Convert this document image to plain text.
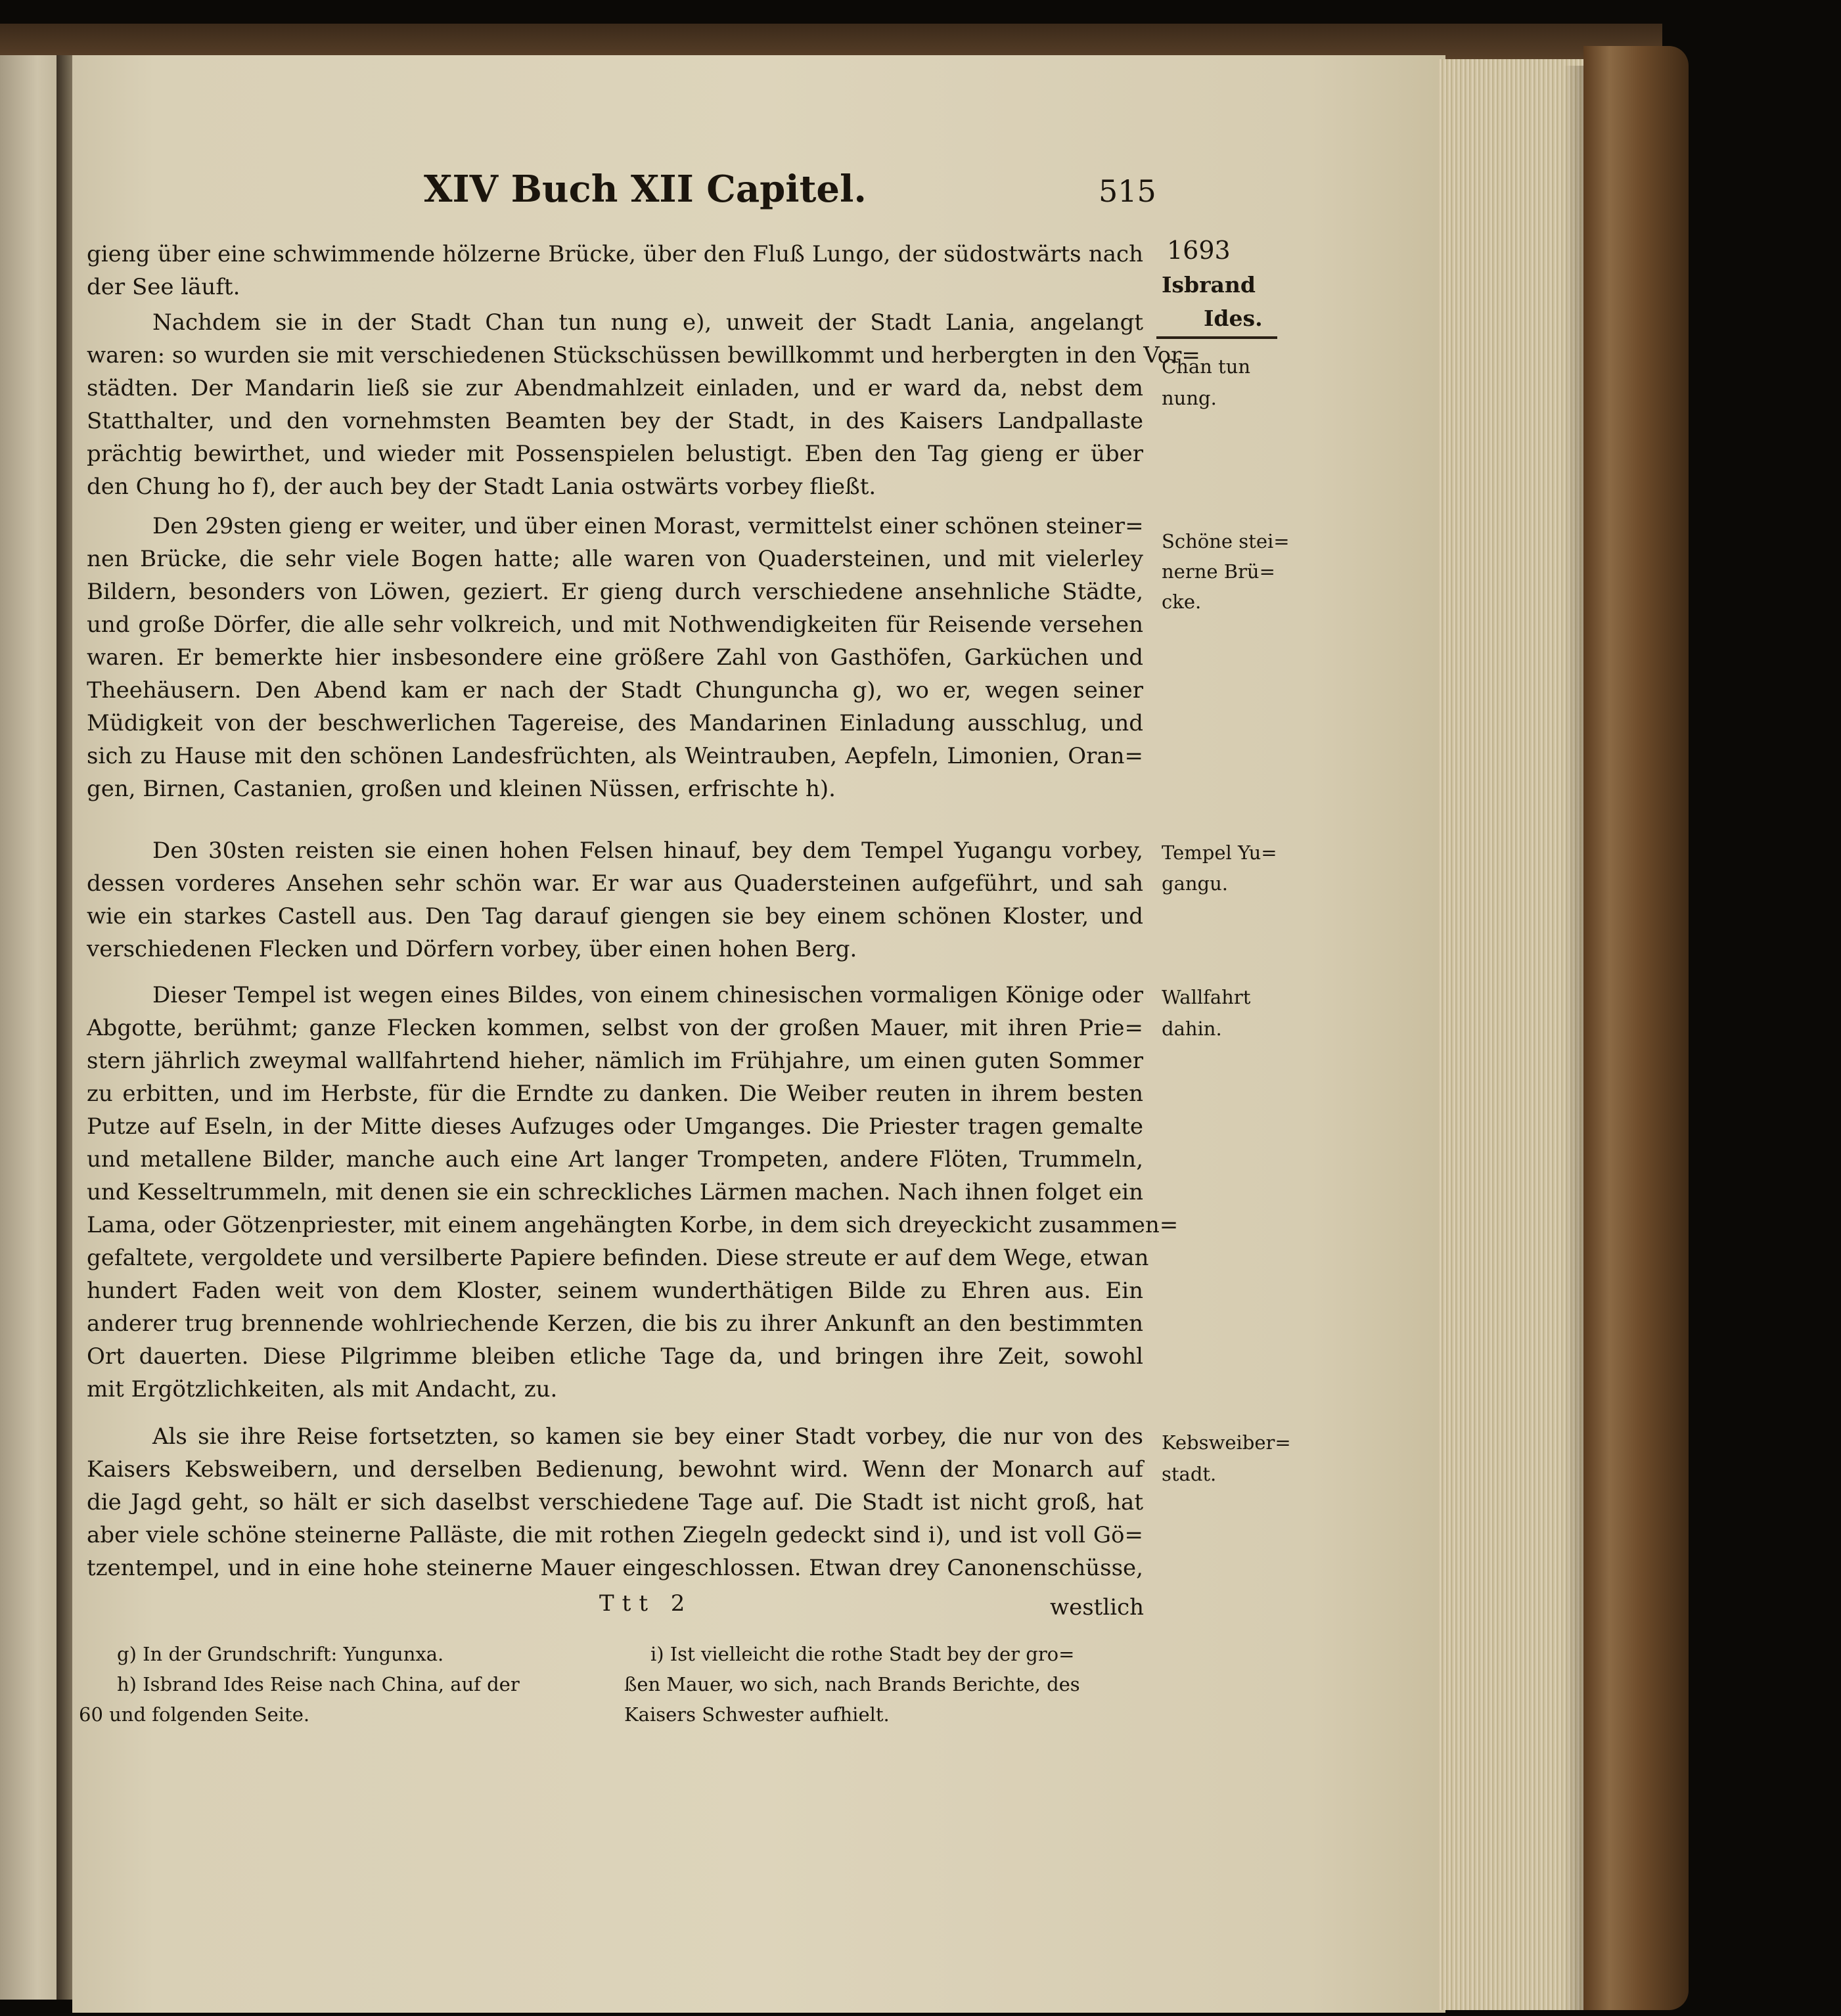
XIV Buch XII Capitel.	515
1693
Isbrand
Ides.
Chan tun
nung.
Schöne stei=
nerne Brü=
cke.
Tempel Yu=
gangu.
Wallfahrt
dahin.
Kebsweiber=
stadt.
gieng über eine schwimmende hölzerne Brücke, über den Fluß Lungo, der südostwärts nach
der See läuft.
Nachdem sie in der Stadt Chan tun nung e), unweit der Stadt Lania, angelangt
waren: so wurden sie mit verschiedenen Stückschüssen bewillkommt und herbergten in den Vor=
städten. Der Mandarin ließ sie zur Abendmahlzeit einladen, und er ward da, nebst dem
Statthalter, und den vornehmsten Beamten bey der Stadt, in des Kaisers Landpallaste
prächtig bewirthet, und wieder mit Possenspielen belustigt. Eben den Tag gieng er über
den Chung ho f), der auch bey der Stadt Lania ostwärts vorbey fließt.
Den 29sten gieng er weiter, und über einen Morast, vermittelst einer schönen steiner=
nen Brücke, die sehr viele Bogen hatte; alle waren von Quadersteinen, und mit vielerley
Bildern, besonders von Löwen, geziert. Er gieng durch verschiedene ansehnliche Städte,
und große Dörfer, die alle sehr volkreich, und mit Nothwendigkeiten für Reisende versehen
waren. Er bemerkte hier insbesondere eine größere Zahl von Gasthöfen, Garküchen und
Theehäusern. Den Abend kam er nach der Stadt Chunguncha g), wo er, wegen seiner
Müdigkeit von der beschwerlichen Tagereise, des Mandarinen Einladung ausschlug, und
sich zu Hause mit den schönen Landesfrüchten, als Weintrauben, Aepfeln, Limonien, Oran=
gen, Birnen, Castanien, großen und kleinen Nüssen, erfrischte h).
Den 30sten reisten sie einen hohen Felsen hinauf, bey dem Tempel Yugangu vorbey,
dessen vorderes Ansehen sehr schön war. Er war aus Quadersteinen aufgeführt, und sah
wie ein starkes Castell aus. Den Tag darauf giengen sie bey einem schönen Kloster, und
verschiedenen Flecken und Dörfern vorbey, über einen hohen Berg.
Dieser Tempel ist wegen eines Bildes, von einem chinesischen vormaligen Könige oder
Abgotte, berühmt; ganze Flecken kommen, selbst von der großen Mauer, mit ihren Prie=
stern jährlich zweymal wallfahrtend hieher, nämlich im Frühjahre, um einen guten Sommer
zu erbitten, und im Herbste, für die Erndte zu danken. Die Weiber reuten in ihrem besten
Putze auf Eseln, in der Mitte dieses Aufzuges oder Umganges. Die Priester tragen gemalte
und metallene Bilder, manche auch eine Art langer Trompeten, andere Flöten, Trummeln,
und Kesseltrummeln, mit denen sie ein schreckliches Lärmen machen. Nach ihnen folget ein
Lama, oder Götzenpriester, mit einem angehängten Korbe, in dem sich dreyeckicht zusammen=
gefaltete, vergoldete und versilberte Papiere befinden. Diese streute er auf dem Wege, etwan
hundert Faden weit von dem Kloster, seinem wunderthätigen Bilde zu Ehren aus. Ein
anderer trug brennende wohlriechende Kerzen, die bis zu ihrer Ankunft an den bestimmten
Ort dauerten. Diese Pilgrimme bleiben etliche Tage da, und bringen ihre Zeit, sowohl
mit Ergötzlichkeiten, als mit Andacht, zu.
Als sie ihre Reise fortsetzten, so kamen sie bey einer Stadt vorbey, die nur von des
Kaisers Kebsweibern, und derselben Bedienung, bewohnt wird. Wenn der Monarch auf
die Jagd geht, so hält er sich daselbst verschiedene Tage auf. Die Stadt ist nicht groß, hat
aber viele schöne steinerne Palläste, die mit rothen Ziegeln gedeckt sind i), und ist voll Gö=
tzentempel, und in eine hohe steinerne Mauer eingeschlossen. Etwan drey Canonenschüsse,
Ttt 2	westlich
g) In der Grundschrift: Yungunxa.
h) Isbrand Ides Reise nach China, auf der
60 und folgenden Seite.
i) Ist vielleicht die rothe Stadt bey der gro=
ßen Mauer, wo sich, nach Brands Berichte, des
Kaisers Schwester aufhielt.
